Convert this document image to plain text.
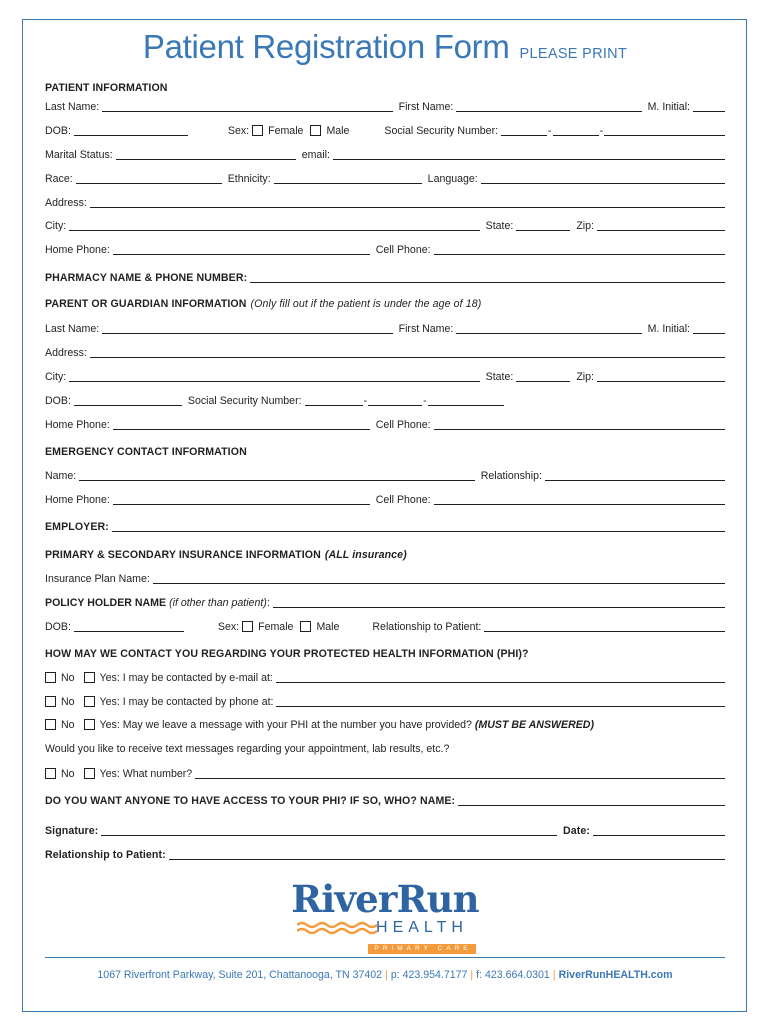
Patient Registration Form PLEASE PRINT
PATIENT INFORMATION
Last Name:	First Name:	M. Initial:
DOB:	Sex: Female Male	Social Security Number:	-	-
Marital Status:	email:
Race:	Ethnicity:	Language:
Address:
City:	State:	Zip:
Home Phone:	Cell Phone:
PHARMACY NAME & PHONE NUMBER:
PARENT OR GUARDIAN INFORMATION (Only fill out if the patient is under the age of 18)
Last Name:	First Name:	M. Initial:
Address:
City:	State:	Zip:
DOB:	Social Security Number:	-	-
Home Phone:	Cell Phone:
EMERGENCY CONTACT INFORMATION
Name:	Relationship:
Home Phone:	Cell Phone:
EMPLOYER:
PRIMARY & SECONDARY INSURANCE INFORMATION (ALL insurance)
Insurance Plan Name:
POLICY HOLDER NAME (if other than patient) :
DOB:	Sex: Female Male	Relationship to Patient:
HOW MAY WE CONTACT YOU REGARDING YOUR PROTECTED HEALTH INFORMATION (PHI)?
No Yes: I may be contacted by e-mail at:
No Yes: I may be contacted by phone at:
No Yes: May we leave a message with your PHI at the number you have provided? (MUST BE ANSWERED)
Would you like to receive text messages regarding your appointment, lab results, etc.?
No Yes: What number?
DO YOU WANT ANYONE TO HAVE ACCESS TO YOUR PHI? IF SO, WHO? NAME:
Signature:	Date:
Relationship to Patient:
RiverRun
HEALTH
PRIMARY CARE
1067 Riverfront Parkway, Suite 201, Chattanooga, TN 37402 | p: 423.954.7177 | f: 423.664.0301 | RiverRunHEALTH.com
